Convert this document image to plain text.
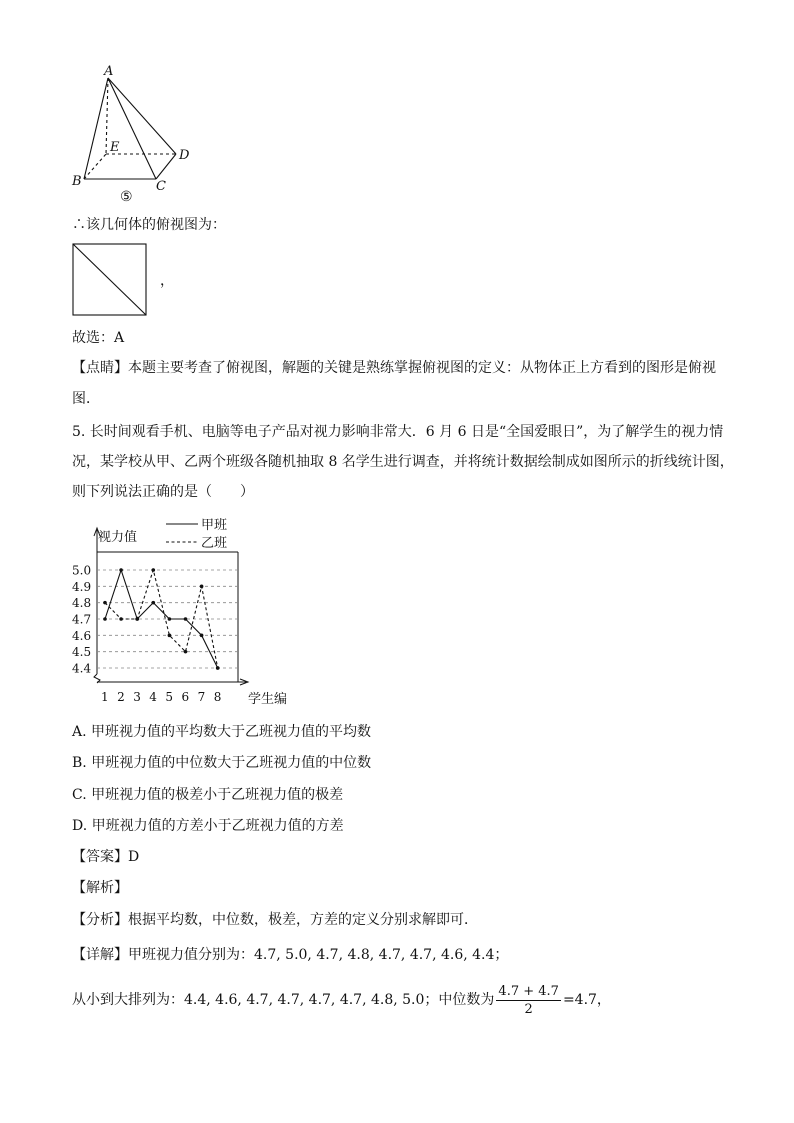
A
B	C
D
E
⑤
∴该几何体的俯视图为：
，
故选：A
【点睛】本题主要考查了俯视图，解题的关键是熟练掌握俯视图的定义：从物体正上方看到的图形是俯视
图．
5. 长时间观看手机、电脑等电子产品对视力影响非常大．6 月 6 日是“全国爱眼日”，为了解学生的视力情
况，某学校从甲、乙两个班级各随机抽取 8 名学生进行调查，并将统计数据绘制成如图所示的折线统计图，
则下列说法正确的是（　　）
4.4
4.5
4.6
4.7
4.8
4.9
5.0
1 2 3 4 5 6 7 8
视力值
学生编
甲班
乙班
A. 甲班视力值的平均数大于乙班视力值的平均数
B. 甲班视力值的中位数大于乙班视力值的中位数
C. 甲班视力值的极差小于乙班视力值的极差
D. 甲班视力值的方差小于乙班视力值的方差
【答案】D
【解析】
【分析】根据平均数，中位数，极差，方差的定义分别求解即可．
【详解】甲班视力值分别为：4.7, 5.0, 4.7, 4.8, 4.7, 4.7, 4.6, 4.4；
从小到大排列为：4.4, 4.6, 4.7, 4.7, 4.7, 4.7, 4.8, 5.0；中位数为 $\frac{4.7 + 4.7}{2} =4.7$，
